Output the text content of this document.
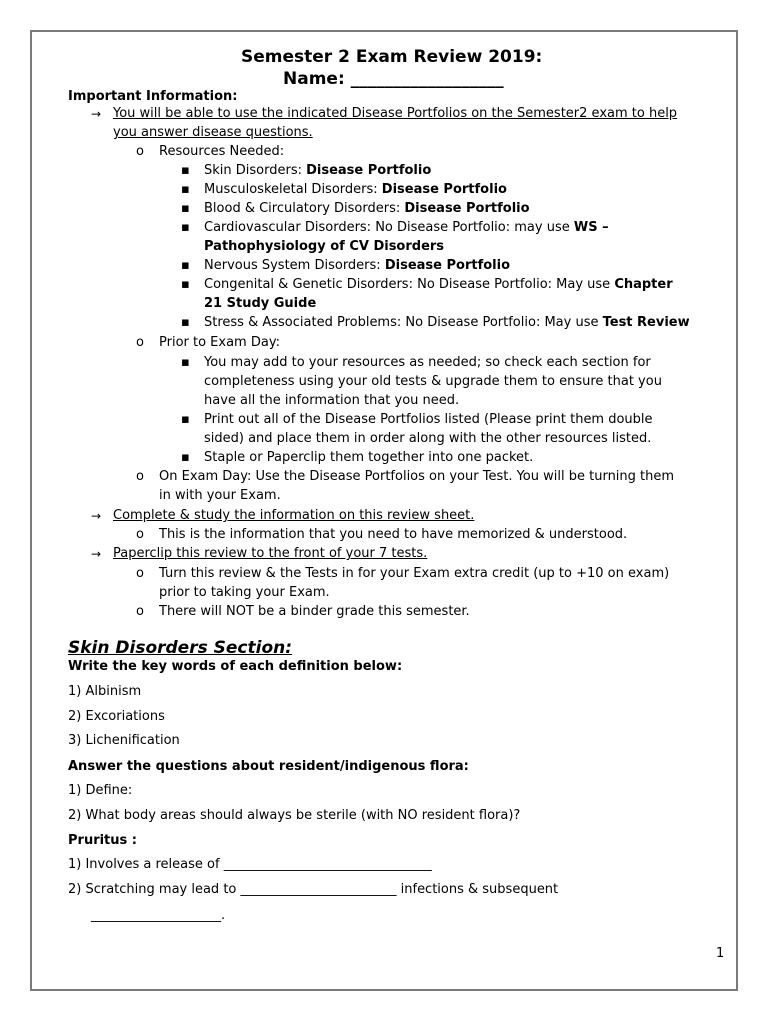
Semester 2 Exam Review 2019:
Name: __________________
Important Information:
→ You will be able to use the indicated Disease Portfolios on the Semester2 exam to help
you answer disease questions.
o Resources Needed:
▪ Skin Disorders: Disease Portfolio
▪ Musculoskeletal Disorders: Disease Portfolio
▪ Blood & Circulatory Disorders: Disease Portfolio
▪ Cardiovascular Disorders: No Disease Portfolio: may use WS –
Pathophysiology of CV Disorders
▪ Nervous System Disorders: Disease Portfolio
▪ Congenital & Genetic Disorders: No Disease Portfolio: May use Chapter
21 Study Guide
▪ Stress & Associated Problems: No Disease Portfolio: May use Test Review
o Prior to Exam Day:
▪ You may add to your resources as needed; so check each section for
completeness using your old tests & upgrade them to ensure that you
have all the information that you need.
▪ Print out all of the Disease Portfolios listed (Please print them double
sided) and place them in order along with the other resources listed.
▪ Staple or Paperclip them together into one packet.
o On Exam Day: Use the Disease Portfolios on your Test. You will be turning them
in with your Exam.
→ Complete & study the information on this review sheet.
o This is the information that you need to have memorized & understood.
→ Paperclip this review to the front of your 7 tests.
o Turn this review & the Tests in for your Exam extra credit (up to +10 on exam)
prior to taking your Exam.
o There will NOT be a binder grade this semester.
Skin Disorders Section:
Write the key words of each definition below:
1) Albinism
2) Excoriations
3) Lichenification
Answer the questions about resident/indigenous flora:
1) Define:
2) What body areas should always be sterile (with NO resident flora)?
Pruritus :
1) Involves a release of ________________________________
2) Scratching may lead to ________________________ infections & subsequent
____________________.
1
